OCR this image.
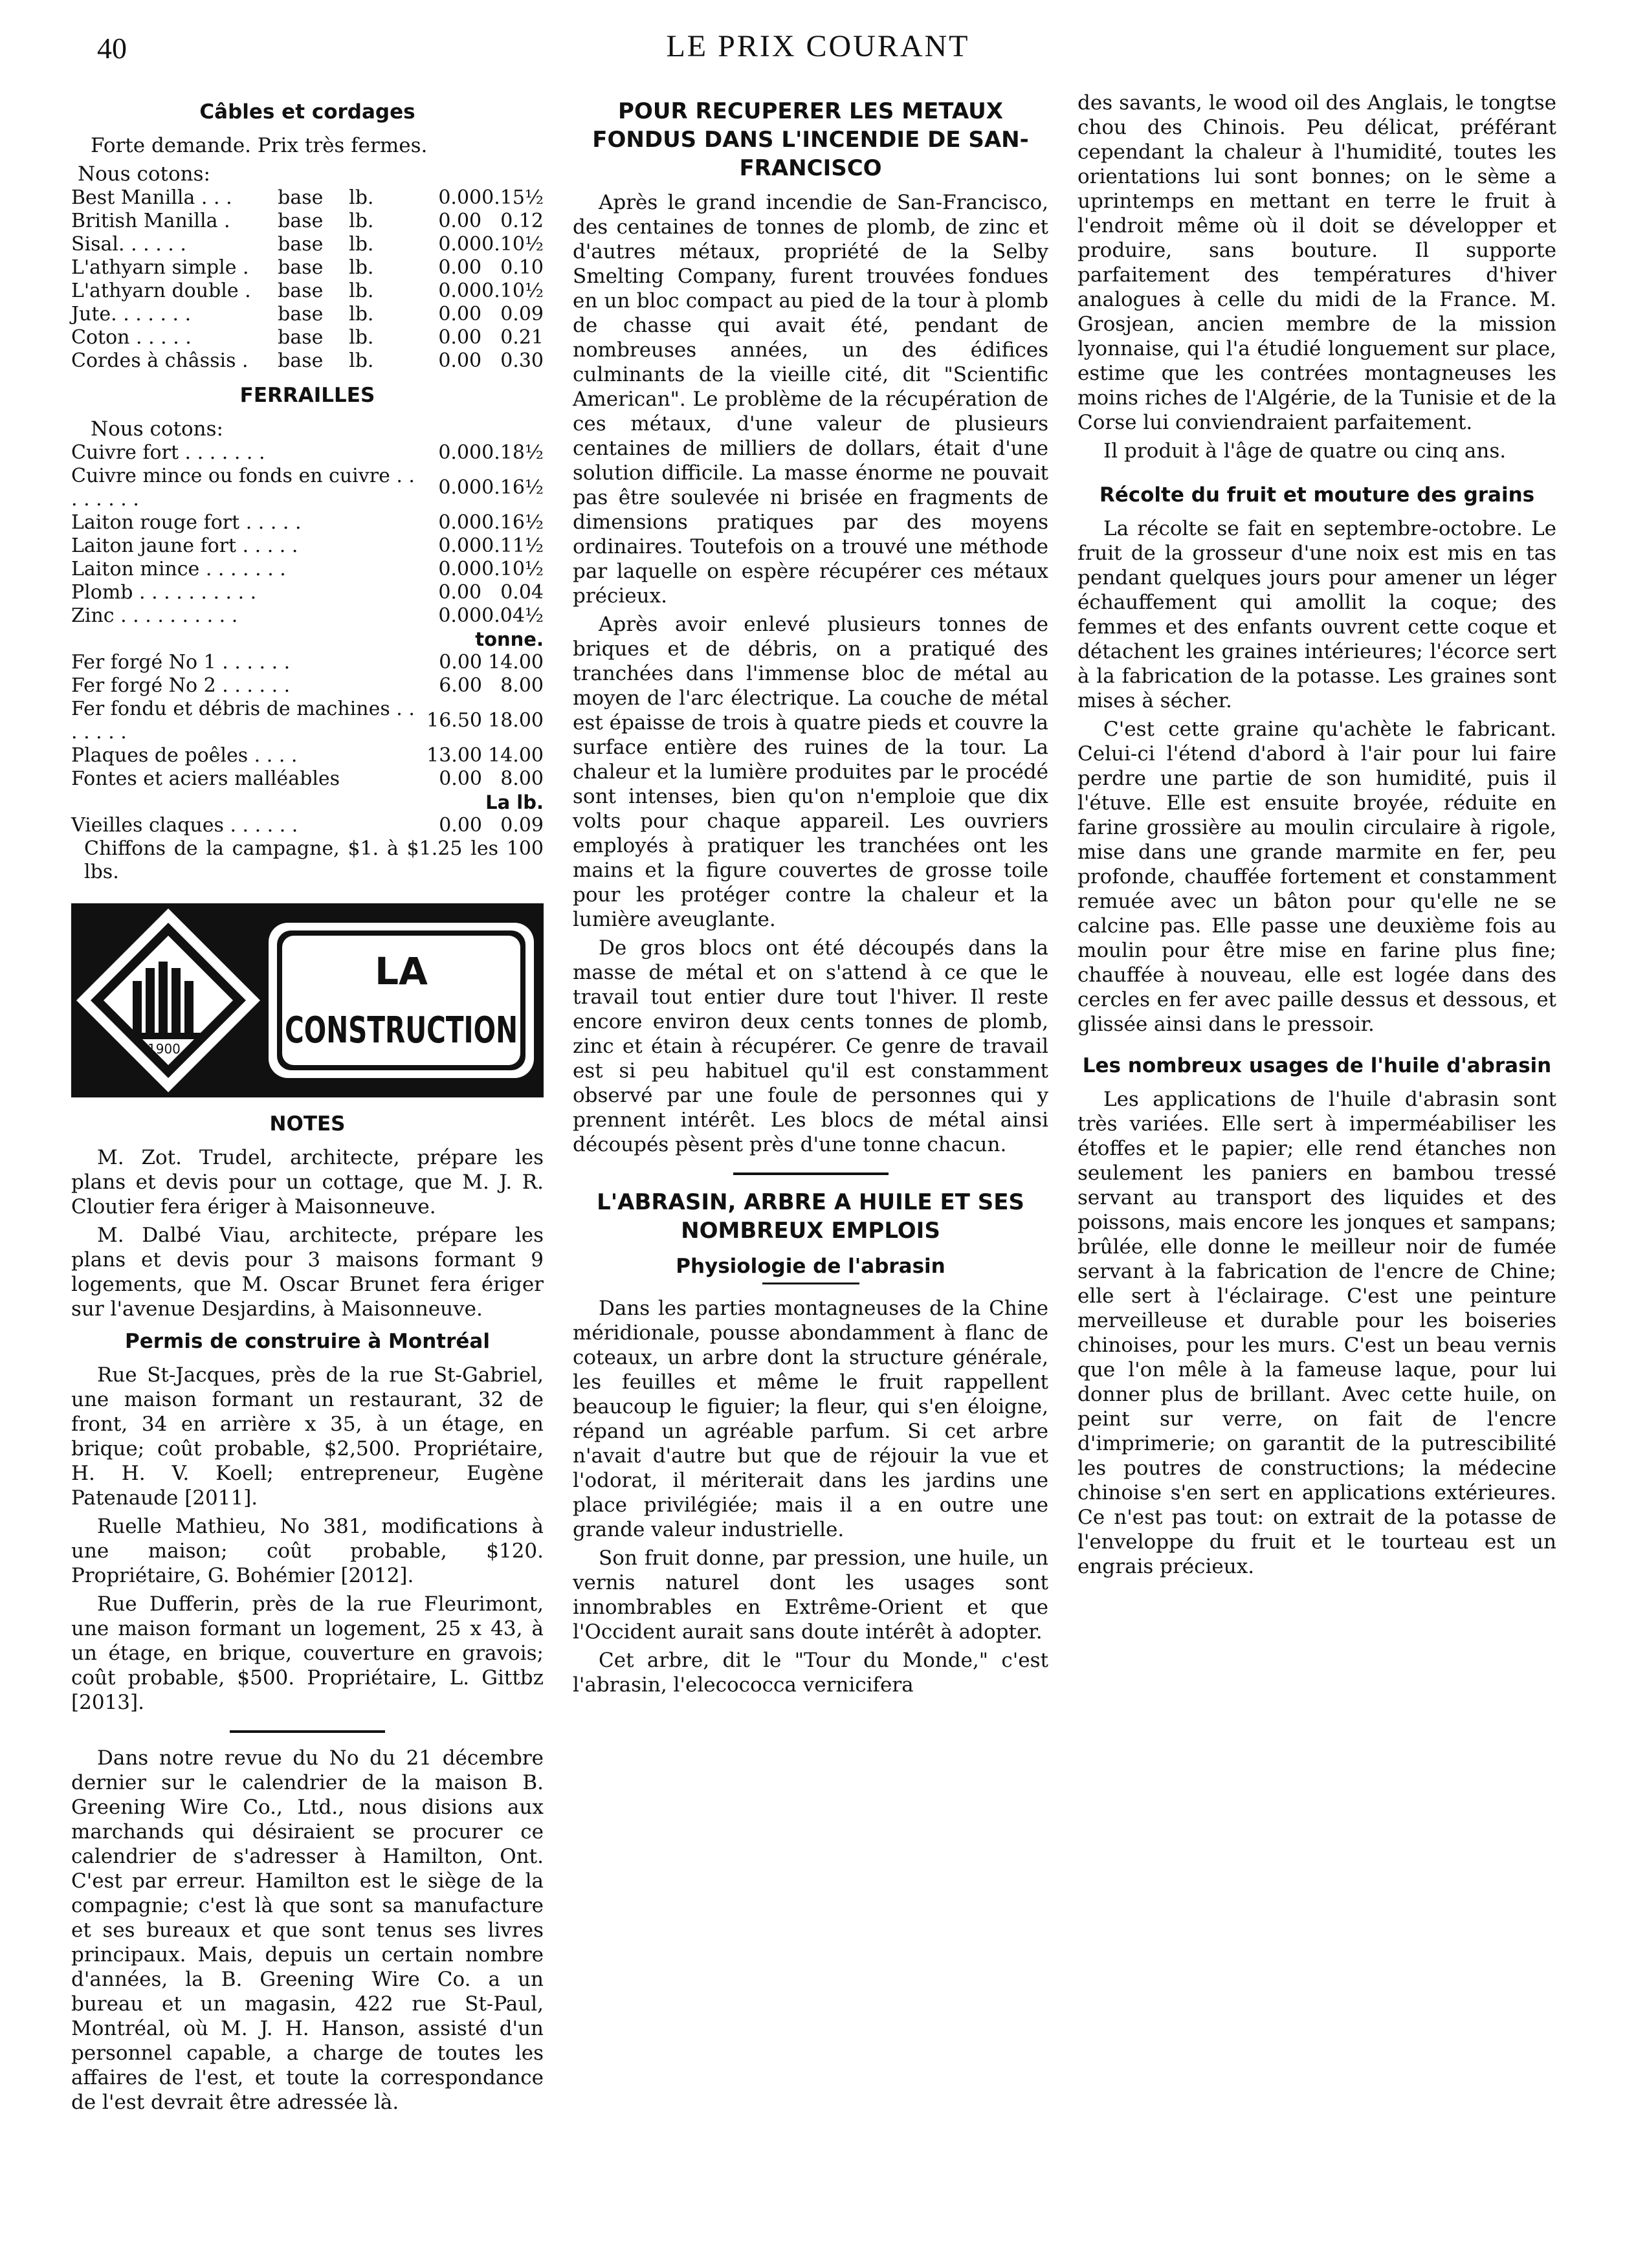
40	LE PRIX COURANT
Câbles et cordages
Forte demande. Prix très fermes.
Nous cotons:
Best Manilla . . .	base	lb.	0.00	0.15½
British Manilla .	base	lb.	0.00	0.12
Sisal. . . . . .	base	lb.	0.00	0.10½
L'athyarn simple .	base	lb.	0.00	0.10
L'athyarn double .	base	lb.	0.00	0.10½
Jute. . . . . . .	base	lb.	0.00	0.09
Coton . . . . .	base	lb.	0.00	0.21
Cordes à châssis .	base	lb.	0.00	0.30
FERRAILLES
Nous cotons:
Cuivre fort . . . . . . .	0.00	0.18½
Cuivre mince ou fonds en cuivre . . . . . . . .	0.00	0.16½
Laiton rouge fort . . . . .	0.00	0.16½
Laiton jaune fort . . . . .	0.00	0.11½
Laiton mince . . . . . . .	0.00	0.10½
Plomb . . . . . . . . . .	0.00	0.04
Zinc . . . . . . . . . .	0.00	0.04½
tonne.
Fer forgé No 1 . . . . . .	0.00	14.00
Fer forgé No 2 . . . . . .	6.00	8.00
Fer fondu et débris de machines . . . . . . .	16.50	18.00
Plaques de poêles . . . .	13.00	14.00
Fontes et aciers malléables	0.00	8.00
La lb.
Vieilles claques . . . . . .	0.00	0.09
Chiffons de la campagne, $1. à $1.25 les 100 lbs.
1900
LA
CONSTRUCTION
NOTES
M. Zot. Trudel, architecte, prépare les plans et devis pour un cottage, que M. J. R. Cloutier fera ériger à Maisonneuve.
M. Dalbé Viau, architecte, prépare les plans et devis pour 3 maisons formant 9 logements, que M. Oscar Brunet fera ériger sur l'avenue Desjardins, à Maisonneuve.
Permis de construire à Montréal
Rue St-Jacques, près de la rue St-Gabriel, une maison formant un restaurant, 32 de front, 34 en arrière x 35, à un étage, en brique; coût probable, $2,500. Propriétaire, H. H. V. Koell; entrepreneur, Eugène Patenaude [2011].
Ruelle Mathieu, No 381, modifications à une maison; coût probable, $120. Propriétaire, G. Bohémier [2012].
Rue Dufferin, près de la rue Fleurimont, une maison formant un logement, 25 x 43, à un étage, en brique, couverture en gravois; coût probable, $500. Propriétaire, L. Gittbz [2013].
Dans notre revue du No du 21 décembre dernier sur le calendrier de la maison B. Greening Wire Co., Ltd., nous disions aux marchands qui désiraient se procurer ce calendrier de s'adresser à Hamilton, Ont. C'est par erreur. Hamilton est le siège de la compagnie; c'est là que sont sa manufacture et ses bureaux et que sont tenus ses livres principaux. Mais, depuis un certain nombre d'années, la B. Greening Wire Co. a un bureau et un magasin, 422 rue St-Paul, Montréal, où M. J. H. Hanson, assisté d'un personnel capable, a charge de toutes les affaires de l'est, et toute la correspondance de l'est devrait être adressée là.
POUR RECUPERER LES METAUX FONDUS DANS L'INCENDIE DE SAN-FRANCISCO
Après le grand incendie de San-Francisco, des centaines de tonnes de plomb, de zinc et d'autres métaux, propriété de la Selby Smelting Company, furent trouvées fondues en un bloc compact au pied de la tour à plomb de chasse qui avait été, pendant de nombreuses années, un des édifices culminants de la vieille cité, dit "Scientific American". Le problème de la récupération de ces métaux, d'une valeur de plusieurs centaines de milliers de dollars, était d'une solution difficile. La masse énorme ne pouvait pas être soulevée ni brisée en fragments de dimensions pratiques par des moyens ordinaires. Toutefois on a trouvé une méthode par laquelle on espère récupérer ces métaux précieux.
Après avoir enlevé plusieurs tonnes de briques et de débris, on a pratiqué des tranchées dans l'immense bloc de métal au moyen de l'arc électrique. La couche de métal est épaisse de trois à quatre pieds et couvre la surface entière des ruines de la tour. La chaleur et la lumière produites par le procédé sont intenses, bien qu'on n'emploie que dix volts pour chaque appareil. Les ouvriers employés à pratiquer les tranchées ont les mains et la figure couvertes de grosse toile pour les protéger contre la chaleur et la lumière aveuglante.
De gros blocs ont été découpés dans la masse de métal et on s'attend à ce que le travail tout entier dure tout l'hiver. Il reste encore environ deux cents tonnes de plomb, zinc et étain à récupérer. Ce genre de travail est si peu habituel qu'il est constamment observé par une foule de personnes qui y prennent intérêt. Les blocs de métal ainsi découpés pèsent près d'une tonne chacun.
L'ABRASIN, ARBRE A HUILE ET SES NOMBREUX EMPLOIS
Physiologie de l'abrasin
Dans les parties montagneuses de la Chine méridionale, pousse abondamment à flanc de coteaux, un arbre dont la structure générale, les feuilles et même le fruit rappellent beaucoup le figuier; la fleur, qui s'en éloigne, répand un agréable parfum. Si cet arbre n'avait d'autre but que de réjouir la vue et l'odorat, il mériterait dans les jardins une place privilégiée; mais il a en outre une grande valeur industrielle.
Son fruit donne, par pression, une huile, un vernis naturel dont les usages sont innombrables en Extrême-Orient et que l'Occident aurait sans doute intérêt à adopter.
Cet arbre, dit le "Tour du Monde," c'est l'abrasin, l'elecococca vernicifera
des savants, le wood oil des Anglais, le tongtse chou des Chinois. Peu délicat, préférant cependant la chaleur à l'humidité, toutes les orientations lui sont bonnes; on le sème a uprintemps en mettant en terre le fruit à l'endroit même où il doit se développer et produire, sans bouture. Il supporte parfaitement des températures d'hiver analogues à celle du midi de la France. M. Grosjean, ancien membre de la mission lyonnaise, qui l'a étudié longuement sur place, estime que les contrées montagneuses les moins riches de l'Algérie, de la Tunisie et de la Corse lui conviendraient parfaitement.
Il produit à l'âge de quatre ou cinq ans.
Récolte du fruit et mouture des grains
La récolte se fait en septembre-octobre. Le fruit de la grosseur d'une noix est mis en tas pendant quelques jours pour amener un léger échauffement qui amollit la coque; des femmes et des enfants ouvrent cette coque et détachent les graines intérieures; l'écorce sert à la fabrication de la potasse. Les graines sont mises à sécher.
C'est cette graine qu'achète le fabricant. Celui-ci l'étend d'abord à l'air pour lui faire perdre une partie de son humidité, puis il l'étuve. Elle est ensuite broyée, réduite en farine grossière au moulin circulaire à rigole, mise dans une grande marmite en fer, peu profonde, chauffée fortement et constamment remuée avec un bâton pour qu'elle ne se calcine pas. Elle passe une deuxième fois au moulin pour être mise en farine plus fine; chauffée à nouveau, elle est logée dans des cercles en fer avec paille dessus et dessous, et glissée ainsi dans le pressoir.
Les nombreux usages de l'huile d'abrasin
Les applications de l'huile d'abrasin sont très variées. Elle sert à imperméabiliser les étoffes et le papier; elle rend étanches non seulement les paniers en bambou tressé servant au transport des liquides et des poissons, mais encore les jonques et sampans; brûlée, elle donne le meilleur noir de fumée servant à la fabrication de l'encre de Chine; elle sert à l'éclairage. C'est une peinture merveilleuse et durable pour les boiseries chinoises, pour les murs. C'est un beau vernis que l'on mêle à la fameuse laque, pour lui donner plus de brillant. Avec cette huile, on peint sur verre, on fait de l'encre d'imprimerie; on garantit de la putrescibilité les poutres de constructions; la médecine chinoise s'en sert en applications extérieures. Ce n'est pas tout: on extrait de la potasse de l'enveloppe du fruit et le tourteau est un engrais précieux.
